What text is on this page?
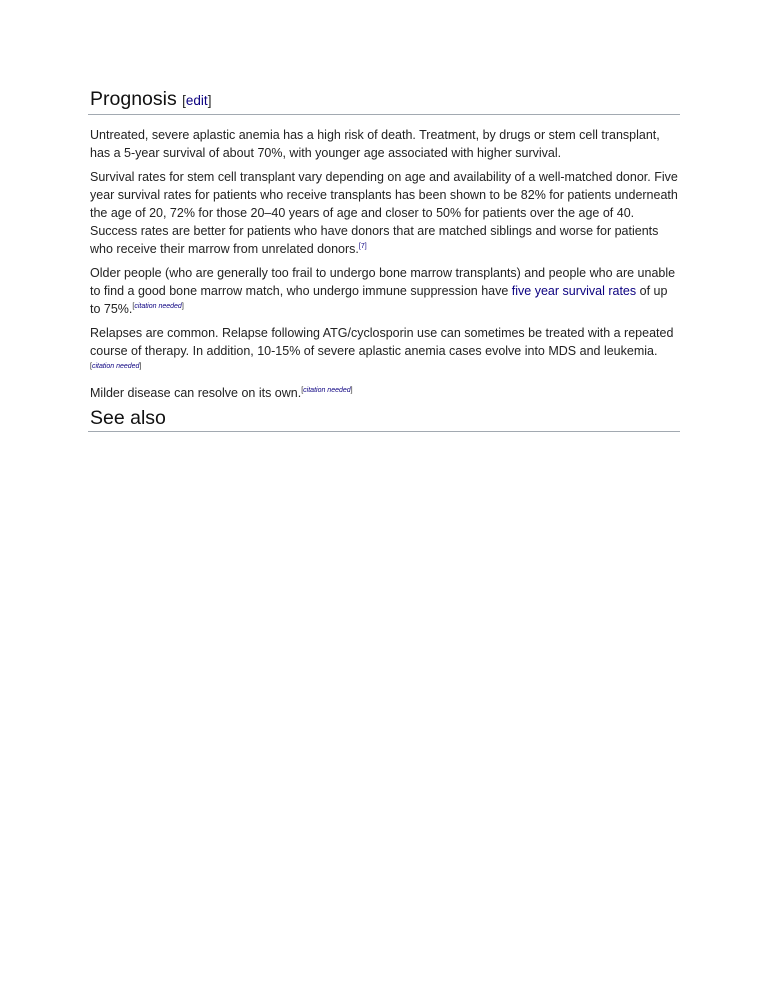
Prognosis [edit]

Untreated, severe aplastic anemia has a high risk of death. Treatment, by drugs or stem cell transplant, has a 5-year survival of about 70%, with younger age associated with higher survival.

Survival rates for stem cell transplant vary depending on age and availability of a well-matched donor. Five year survival rates for patients who receive transplants has been shown to be 82% for patients underneath the age of 20, 72% for those 20–40 years of age and closer to 50% for patients over the age of 40. Success rates are better for patients who have donors that are matched siblings and worse for patients who receive their marrow from unrelated donors.[7]

Older people (who are generally too frail to undergo bone marrow transplants) and people who are unable to find a good bone marrow match, who undergo immune suppression have five year survival rates of up to 75%.[citation needed]

Relapses are common. Relapse following ATG/cyclosporin use can sometimes be treated with a repeated course of therapy. In addition, 10-15% of severe aplastic anemia cases evolve into MDS and leukemia.[citation needed]

Milder disease can resolve on its own.[citation needed]

See also
